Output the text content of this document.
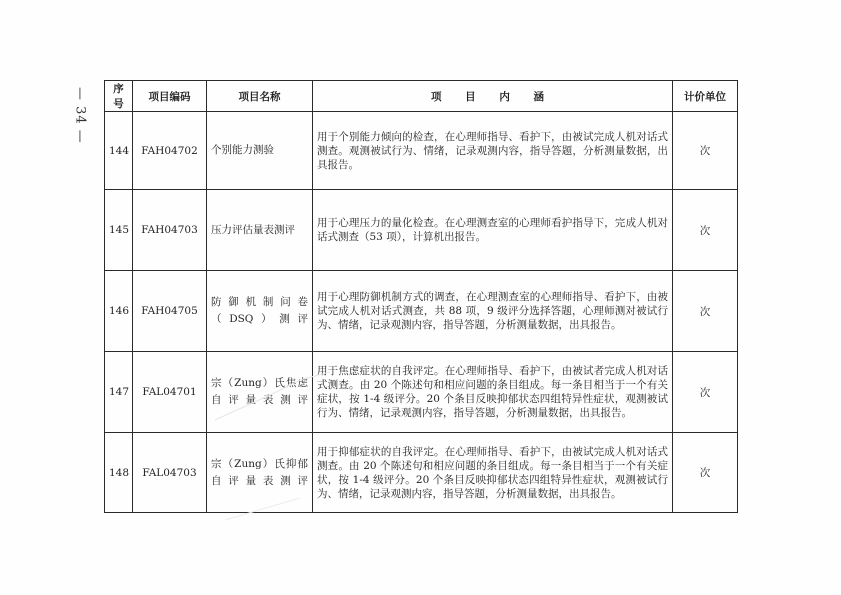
— 34 —	序号	项目编码	项目名称	项 目 内 涵	计价单位
144	FAH04702	个别能力测验	用于个别能力倾向的检查，在心理师指导、看护下，由被试完成人机对话式测查。观测被试行为、情绪，记录观测内容，指导答题，分析测量数据，出具报告。	次
145	FAH04703	压力评估量表测评	用于心理压力的量化检查。在心理测查室的心理师看护指导下，完成人机对话式测查（53 项），计算机出报告。	次
146	FAH04705	防御机制问卷（DSQ）测评	用于心理防御机制方式的调查，在心理测查室的心理师指导、看护下，由被试完成人机对话式测查，共 88 项，9 级评分选择答题，心理师测对被试行为、情绪，记录观测内容，指导答题，分析测量数据，出具报告。	次
147	FAL04701	宗（Zung）氏焦虑自评量表测评	用于焦虑症状的自我评定。在心理师指导、看护下，由被试者完成人机对话式测查。由 20 个陈述句和相应问题的条目组成。每一条目相当于一个有关症状，按 1-4 级评分。20 个条目反映抑郁状态四组特异性症状，观测被试行为、情绪，记录观测内容，指导答题，分析测量数据，出具报告。	次
148	FAL04703	宗（Zung）氏抑郁自评量表测评	用于抑郁症状的自我评定。在心理师指导、看护下，由被试完成人机对话式测查。由 20 个陈述句和相应问题的条目组成。每一条目相当于一个有关症状，按 1-4 级评分。20 个条目反映抑郁状态四组特异性症状，观测被试行为、情绪，记录观测内容，指导答题，分析测量数据，出具报告。	次
